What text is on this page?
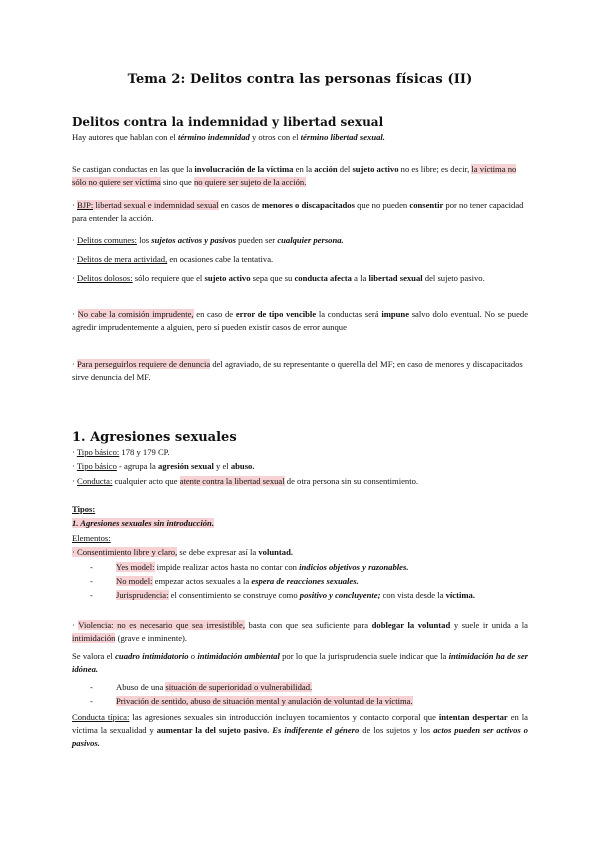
Tema 2: Delitos contra las personas físicas (II)
Delitos contra la indemnidad y libertad sexual
Hay autores que hablan con el término indemnidad y otros con el término libertad sexual.
Se castigan conductas en las que la involucración de la víctima en la acción del sujeto activo no es libre; es decir, la víctima no sólo no quiere ser víctima sino que no quiere ser sujeto de la acción.
· BJP: libertad sexual e indemnidad sexual en casos de menores o discapacitados que no pueden consentir por no tener capacidad para entender la acción.
· Delitos comunes: los sujetos activos y pasivos pueden ser cualquier persona.
· Delitos de mera actividad, en ocasiones cabe la tentativa.
· Delitos dolosos: sólo requiere que el sujeto activo sepa que su conducta afecta a la libertad sexual del sujeto pasivo.
· No cabe la comisión imprudente, en caso de error de tipo vencible la conductas será impune salvo dolo eventual. No se puede agredir imprudentemente a alguien, pero sí pueden existir casos de error aunque
· Para perseguirlos requiere de denuncia del agraviado, de su representante o querella del MF; en caso de menores y discapacitados sirve denuncia del MF.
1. Agresiones sexuales
· Tipo básico: 178 y 179 CP.
· Tipo básico - agrupa la agresión sexual y el abuso.
· Conducta: cualquier acto que atente contra la libertad sexual de otra persona sin su consentimiento.
Tipos:
1. Agresiones sexuales sin introducción.
Elementos:
· Consentimiento libre y claro, se debe expresar así la voluntad.
-	Yes model: impide realizar actos hasta no contar con indicios objetivos y razonables.
-	No model: empezar actos sexuales a la espera de reacciones sexuales.
-	Jurisprudencia: el consentimiento se construye como positivo y concluyente; con vista desde la víctima.
· Violencia: no es necesario que sea irresistible, basta con que sea suficiente para doblegar la voluntad y suele ir unida a la intimidación (grave e inminente).
Se valora el cuadro intimidatorio o intimidación ambiental por lo que la jurisprudencia suele indicar que la intimidación ha de ser idónea.
-	Abuso de una situación de superioridad o vulnerabilidad.
-	Privación de sentido, abuso de situación mental y anulación de voluntad de la víctima.
Conducta típica: las agresiones sexuales sin introducción incluyen tocamientos y contacto corporal que intentan despertar en la víctima la sexualidad y aumentar la del sujeto pasivo. Es indiferente el género de los sujetos y los actos pueden ser activos o pasivos.
